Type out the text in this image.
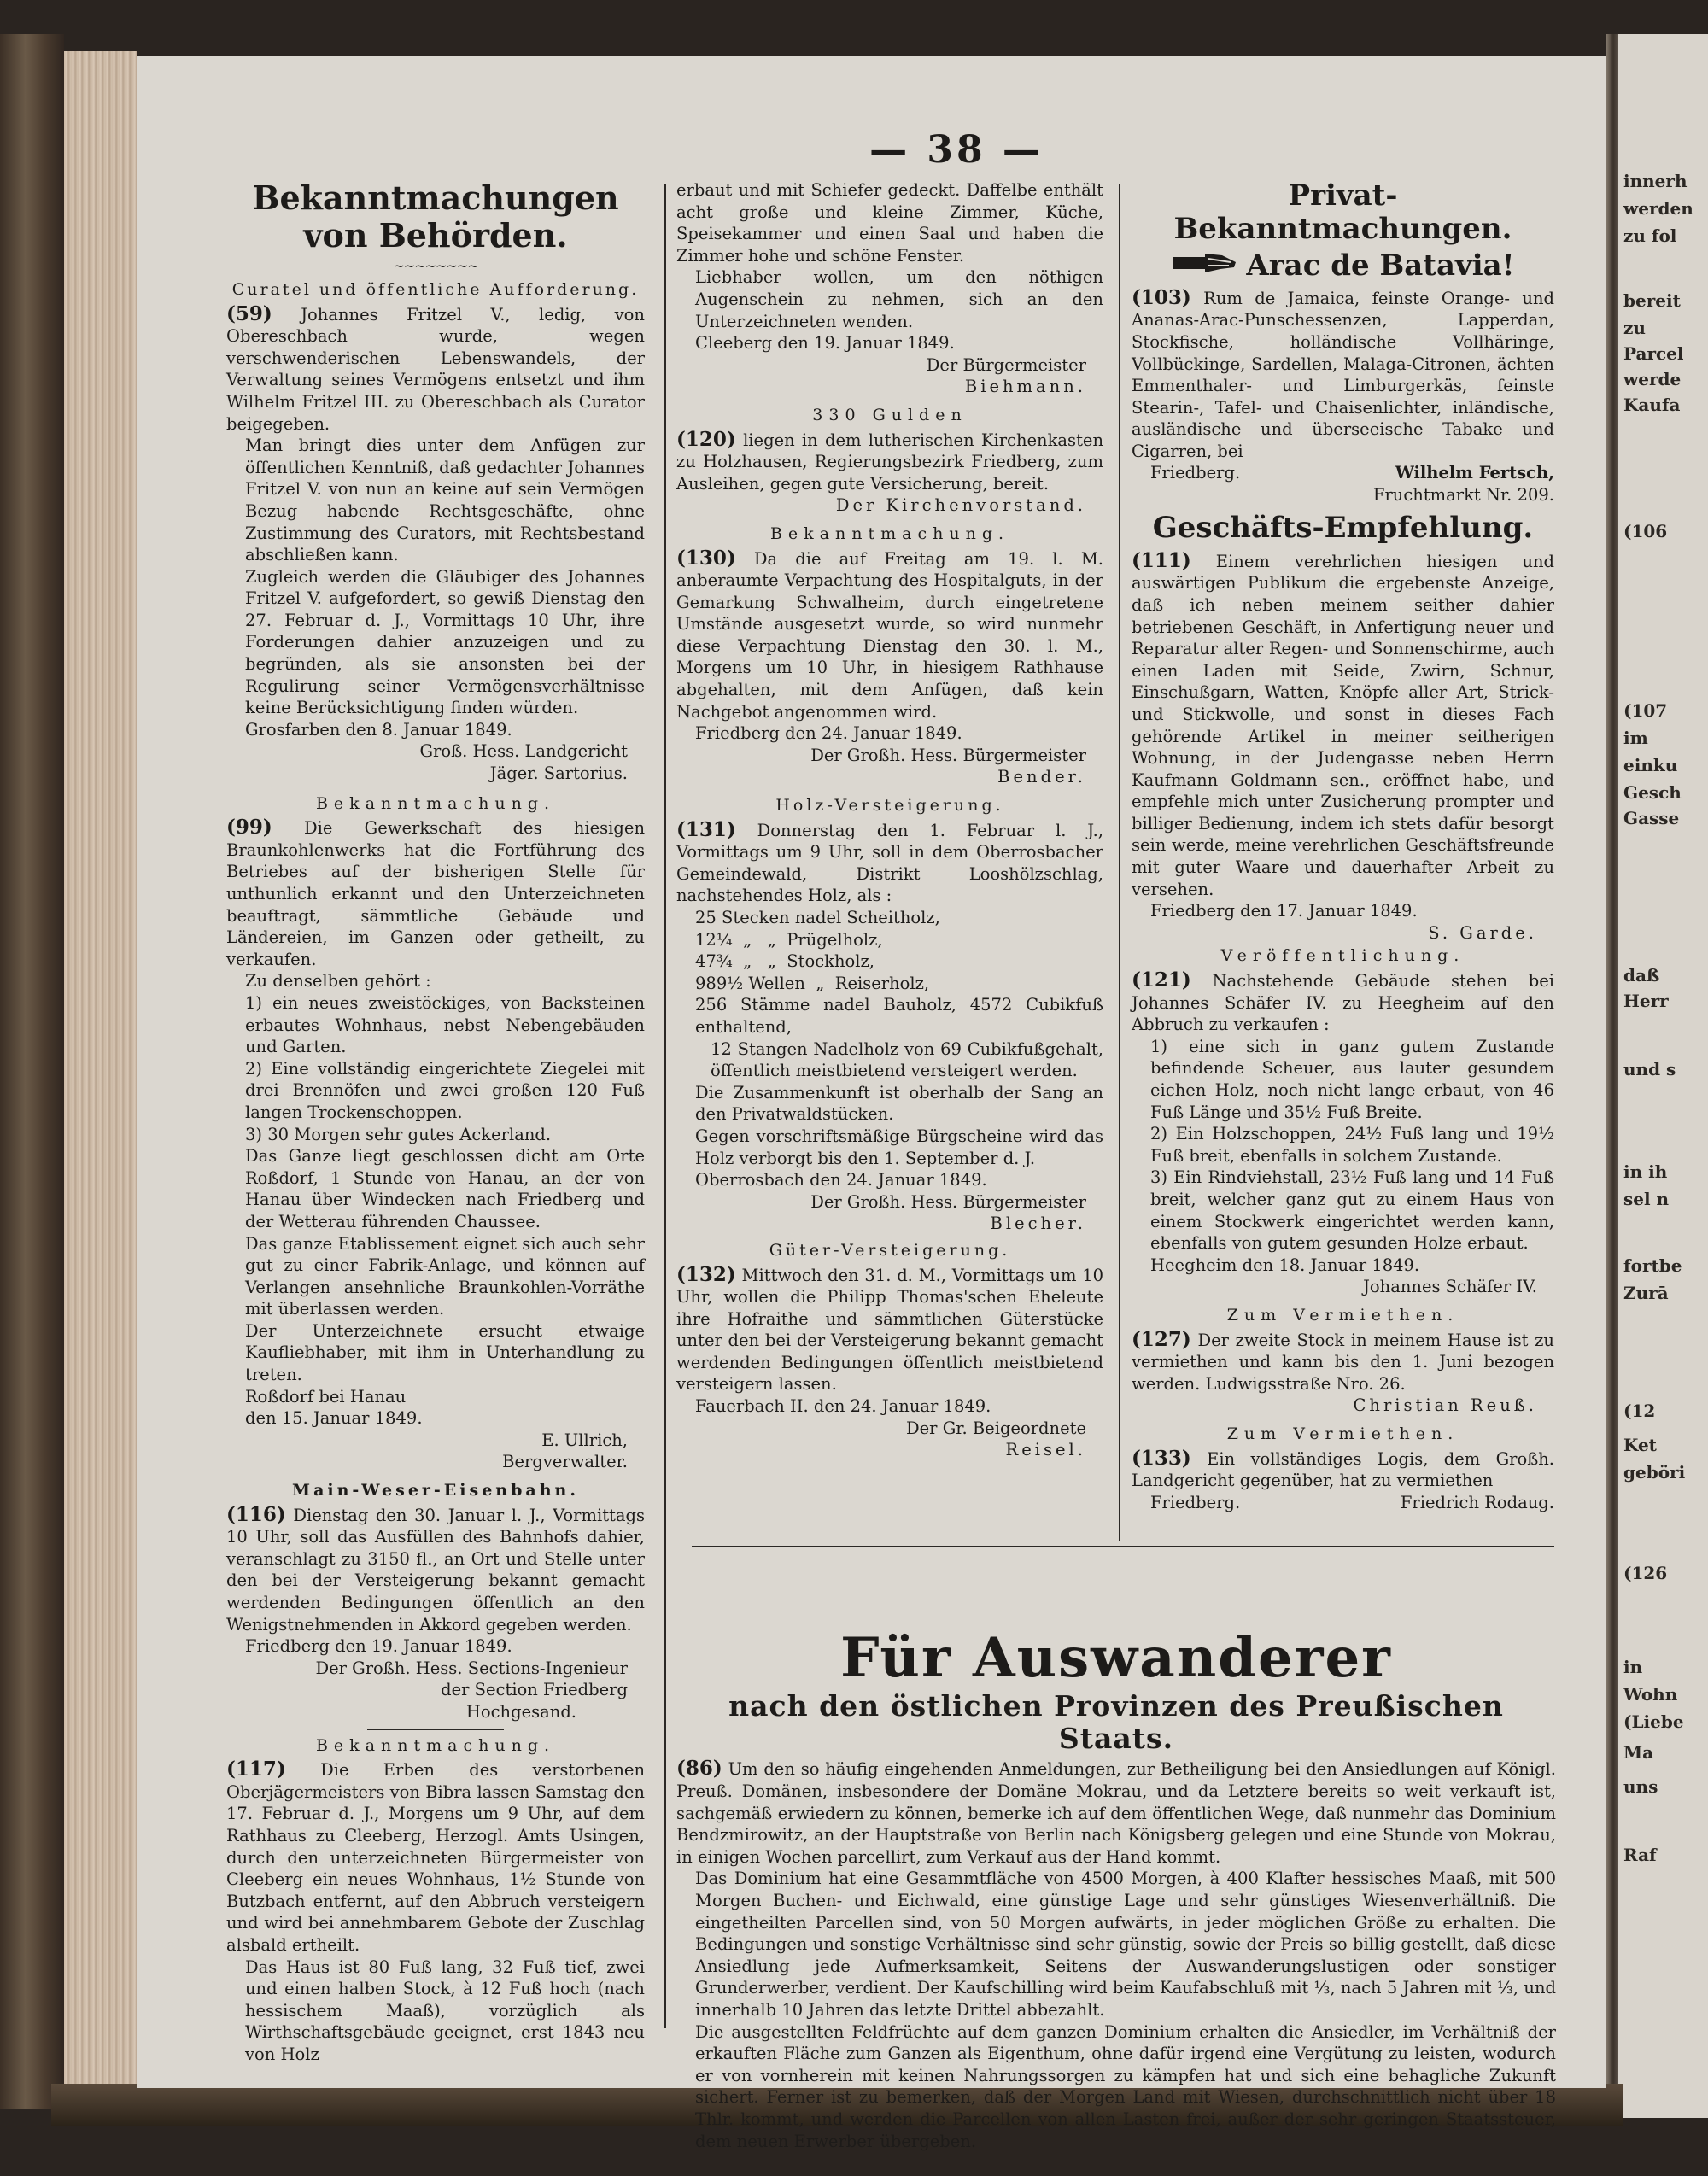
innerh
werden
zu fol
bereit
zu
Parcel
werde
Kaufa
(106
(107
im
einku
Gesch
Gasse
daß
Herr
und s
in ih
sel n
fortbe
Zurā
(12
Ket
geböri
(126
in
Wohn
(Liebe
Ma
uns
Raf
— 38 —
Bekanntmachungen von Behörden.
~~~~~~~~
Curatel und öffentliche Aufforderung.

(59) Johannes Fritzel V., ledig, von Obereschbach wurde, wegen verschwenderischen Lebenswandels, der Verwaltung seines Vermögens entsetzt und ihm Wilhelm Fritzel III. zu Obereschbach als Curator beigegeben.

Man bringt dies unter dem Anfügen zur öffentlichen Kenntniß, daß gedachter Johannes Fritzel V. von nun an keine auf sein Vermögen Bezug habende Rechtsgeschäfte, ohne Zustimmung des Curators, mit Rechtsbestand abschließen kann.

Zugleich werden die Gläubiger des Johannes Fritzel V. aufgefordert, so gewiß Dienstag den 27. Februar d. J., Vormittags 10 Uhr, ihre Forderungen dahier anzuzeigen und zu begründen, als sie ansonsten bei der Regulirung seiner Vermögensverhältnisse keine Berücksichtigung finden würden.

Grosfarben den 8. Januar 1849.

Groß. Hess. Landgericht

Jäger. Sartorius.

Bekanntmachung.

(99) Die Gewerkschaft des hiesigen Braunkohlenwerks hat die Fortführung des Betriebes auf der bisherigen Stelle für unthunlich erkannt und den Unterzeichneten beauftragt, sämmtliche Gebäude und Ländereien, im Ganzen oder getheilt, zu verkaufen.

Zu denselben gehört :

1) ein neues zweistöckiges, von Backsteinen erbautes Wohnhaus, nebst Nebengebäuden und Garten.

2) Eine vollständig eingerichtete Ziegelei mit drei Brennöfen und zwei großen 120 Fuß langen Trockenschoppen.

3) 30 Morgen sehr gutes Ackerland.

Das Ganze liegt geschlossen dicht am Orte Roßdorf, 1 Stunde von Hanau, an der von Hanau über Windecken nach Friedberg und der Wetterau führenden Chaussee.

Das ganze Etablissement eignet sich auch sehr gut zu einer Fabrik-Anlage, und können auf Verlangen ansehnliche Braunkohlen-Vorräthe mit überlassen werden.

Der Unterzeichnete ersucht etwaige Kaufliebhaber, mit ihm in Unterhandlung zu treten.

Roßdorf bei Hanau

den 15. Januar 1849.

E. Ullrich,

Bergverwalter.

Main-Weser-Eisenbahn.

(116) Dienstag den 30. Januar l. J., Vormittags 10 Uhr, soll das Ausfüllen des Bahnhofs dahier, veranschlagt zu 3150 fl., an Ort und Stelle unter den bei der Versteigerung bekannt gemacht werdenden Bedingungen öffentlich an den Wenigstnehmenden in Akkord gegeben werden.

Friedberg den 19. Januar 1849.

Der Großh. Hess. Sections-Ingenieur

der Section Friedberg

Hochgesand.

Bekanntmachung.

(117) Die Erben des verstorbenen Oberjägermeisters von Bibra lassen Samstag den 17. Februar d. J., Morgens um 9 Uhr, auf dem Rathhaus zu Cleeberg, Herzogl. Amts Usingen, durch den unterzeichneten Bürgermeister von Cleeberg ein neues Wohnhaus, 1½ Stunde von Butzbach entfernt, auf den Abbruch versteigern und wird bei annehmbarem Gebote der Zuschlag alsbald ertheilt.

Das Haus ist 80 Fuß lang, 32 Fuß tief, zwei und einen halben Stock, à 12 Fuß hoch (nach hessischem Maaß), vorzüglich als Wirthschaftsgebäude geeignet, erst 1843 neu von Holz

erbaut und mit Schiefer gedeckt. Daffelbe enthält acht große und kleine Zimmer, Küche, Speisekammer und einen Saal und haben die Zimmer hohe und schöne Fenster.

Liebhaber wollen, um den nöthigen Augenschein zu nehmen, sich an den Unterzeichneten wenden.

Cleeberg den 19. Januar 1849.

Der Bürgermeister

Biehmann.

330 Gulden

(120) liegen in dem lutherischen Kirchenkasten zu Holzhausen, Regierungsbezirk Friedberg, zum Ausleihen, gegen gute Versicherung, bereit.

Der Kirchenvorstand.

Bekanntmachung.

(130) Da die auf Freitag am 19. l. M. anberaumte Verpachtung des Hospitalguts, in der Gemarkung Schwalheim, durch eingetretene Umstände ausgesetzt wurde, so wird nunmehr diese Verpachtung Dienstag den 30. l. M., Morgens um 10 Uhr, in hiesigem Rathhause abgehalten, mit dem Anfügen, daß kein Nachgebot angenommen wird.

Friedberg den 24. Januar 1849.

Der Großh. Hess. Bürgermeister

Bender.

Holz-Versteigerung.

(131) Donnerstag den 1. Februar l. J., Vormittags um 9 Uhr, soll in dem Oberrosbacher Gemeindewald, Distrikt Looshölzschlag, nachstehendes Holz, als :

25 Stecken nadel Scheitholz,

12¼  „   „  Prügelholz,

47¾  „   „  Stockholz,

989½ Wellen  „  Reiserholz,

256 Stämme nadel Bauholz, 4572 Cubikfuß enthaltend,

12 Stangen Nadelholz von 69 Cubikfußgehalt, öffentlich meistbietend versteigert werden.

Die Zusammenkunft ist oberhalb der Sang an den Privatwaldstücken.

Gegen vorschriftsmäßige Bürgscheine wird das Holz verborgt bis den 1. September d. J.

Oberrosbach den 24. Januar 1849.

Der Großh. Hess. Bürgermeister

Blecher.

Güter-Versteigerung.

(132) Mittwoch den 31. d. M., Vormittags um 10 Uhr, wollen die Philipp Thomas'schen Eheleute ihre Hofraithe und sämmtlichen Güterstücke unter den bei der Versteigerung bekannt gemacht werdenden Bedingungen öffentlich meistbietend versteigern lassen.

Fauerbach II. den 24. Januar 1849.

Der Gr. Beigeordnete

Reisel.

Privat-Bekanntmachungen.
Arac de Batavia!

(103) Rum de Jamaica, feinste Orange- und Ananas-Arac-Punschessenzen, Lapperdan, Stockfische, holländische Vollhäringe, Vollbückinge, Sardellen, Malaga-Citronen, ächten Emmenthaler- und Limburgerkäs, feinste Stearin-, Tafel- und Chaisenlichter, inländische, ausländische und überseeische Tabake und Cigarren, bei

Friedberg.	Wilhelm Fertsch,

Fruchtmarkt Nr. 209.

Geschäfts-Empfehlung.

(111) Einem verehrlichen hiesigen und auswärtigen Publikum die ergebenste Anzeige, daß ich neben meinem seither dahier betriebenen Geschäft, in Anfertigung neuer und Reparatur alter Regen- und Sonnenschirme, auch einen Laden mit Seide, Zwirn, Schnur, Einschußgarn, Watten, Knöpfe aller Art, Strick- und Stickwolle, und sonst in dieses Fach gehörende Artikel in meiner seitherigen Wohnung, in der Judengasse neben Herrn Kaufmann Goldmann sen., eröffnet habe, und empfehle mich unter Zusicherung prompter und billiger Bedienung, indem ich stets dafür besorgt sein werde, meine verehrlichen Geschäftsfreunde mit guter Waare und dauerhafter Arbeit zu versehen.

Friedberg den 17. Januar 1849.

S. Garde.

Veröffentlichung.

(121) Nachstehende Gebäude stehen bei Johannes Schäfer IV. zu Heegheim auf den Abbruch zu verkaufen :

1) eine sich in ganz gutem Zustande befindende Scheuer, aus lauter gesundem eichen Holz, noch nicht lange erbaut, von 46 Fuß Länge und 35½ Fuß Breite.

2) Ein Holzschoppen, 24½ Fuß lang und 19½ Fuß breit, ebenfalls in solchem Zustande.

3) Ein Rindviehstall, 23½ Fuß lang und 14 Fuß breit, welcher ganz gut zu einem Haus von einem Stockwerk eingerichtet werden kann, ebenfalls von gutem gesunden Holze erbaut.

Heegheim den 18. Januar 1849.

Johannes Schäfer IV.

Zum Vermiethen.

(127) Der zweite Stock in meinem Hause ist zu vermiethen und kann bis den 1. Juni bezogen werden. Ludwigsstraße Nro. 26.

Christian Reuß.

Zum Vermiethen.

(133) Ein vollständiges Logis, dem Großh. Landgericht gegenüber, hat zu vermiethen

Friedberg.	Friedrich Rodaug.

Für Auswanderer
nach den östlichen Provinzen des Preußischen Staats.

(86) Um den so häufig eingehenden Anmeldungen, zur Betheiligung bei den Ansiedlungen auf Königl. Preuß. Domänen, insbesondere der Domäne Mokrau, und da Letztere bereits so weit verkauft ist, sachgemäß erwiedern zu können, bemerke ich auf dem öffentlichen Wege, daß nunmehr das Dominium Bendzmirowitz, an der Hauptstraße von Berlin nach Königsberg gelegen und eine Stunde von Mokrau, in einigen Wochen parcellirt, zum Verkauf aus der Hand kommt.

Das Dominium hat eine Gesammtfläche von 4500 Morgen, à 400 Klafter hessisches Maaß, mit 500 Morgen Buchen- und Eichwald, eine günstige Lage und sehr günstiges Wiesenverhältniß. Die eingetheilten Parcellen sind, von 50 Morgen aufwärts, in jeder möglichen Größe zu erhalten. Die Bedingungen und sonstige Verhältnisse sind sehr günstig, sowie der Preis so billig gestellt, daß diese Ansiedlung jede Aufmerksamkeit, Seitens der Auswanderungslustigen oder sonstiger Grunderwerber, verdient. Der Kaufschilling wird beim Kaufabschluß mit ⅓, nach 5 Jahren mit ⅓, und innerhalb 10 Jahren das letzte Drittel abbezahlt.

Die ausgestellten Feldfrüchte auf dem ganzen Dominium erhalten die Ansiedler, im Verhältniß der erkauften Fläche zum Ganzen als Eigenthum, ohne dafür irgend eine Vergütung zu leisten, wodurch er von vornherein mit keinen Nahrungssorgen zu kämpfen hat und sich eine behagliche Zukunft sichert. Ferner ist zu bemerken, daß der Morgen Land mit Wiesen, durchschnittlich nicht über 18 Thlr. kommt, und werden die Parcellen von allen Lasten frei, außer der sehr geringen Staatssteuer, dem neuen Erwerber übergeben.
